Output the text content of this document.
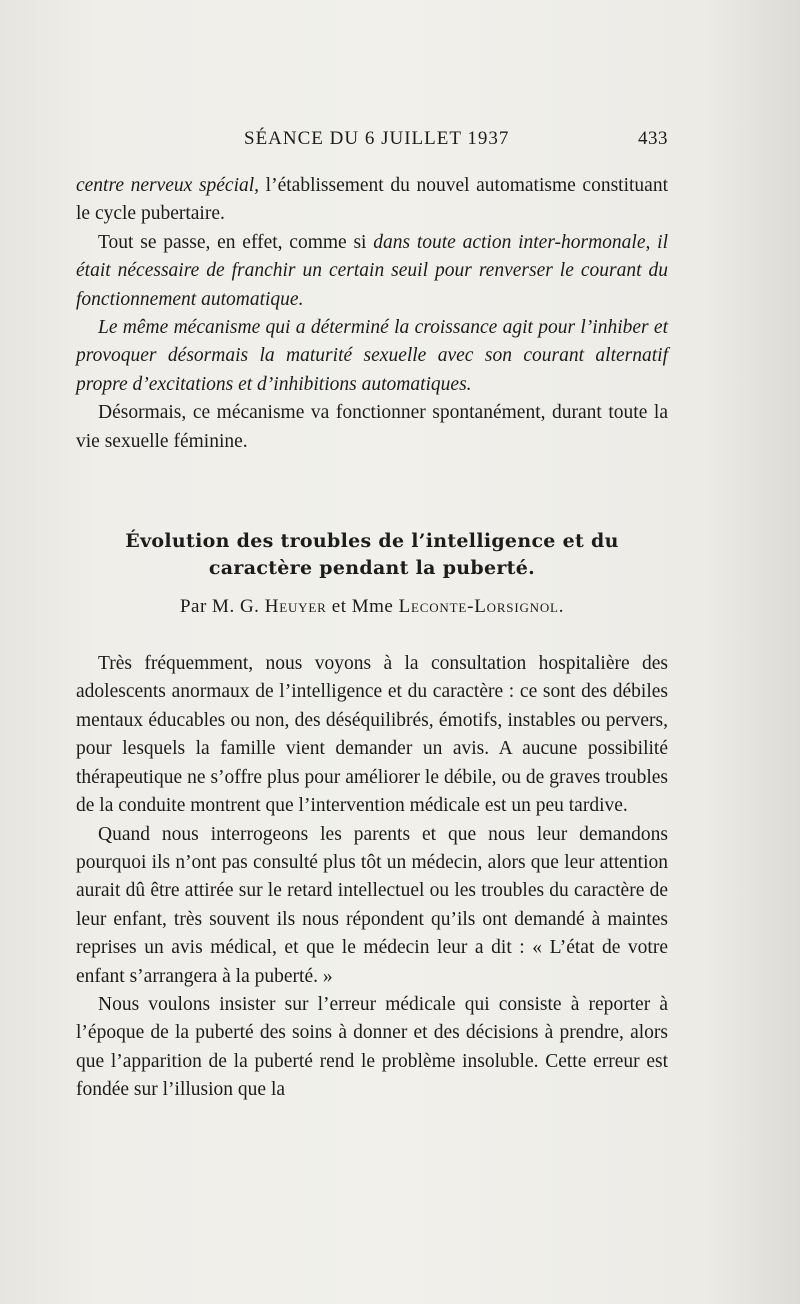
SÉANCE DU 6 JUILLET 1937	433

centre nerveux spécial, l’établissement du nouvel automatisme constituant le cycle pubertaire.

Tout se passe, en effet, comme si dans toute action inter-hormonale, il était nécessaire de franchir un certain seuil pour renverser le courant du fonctionnement automatique.

Le même mécanisme qui a déterminé la croissance agit pour l’inhiber et provoquer désormais la maturité sexuelle avec son courant alternatif propre d’excitations et d’inhibitions automatiques.

Désormais, ce mécanisme va fonctionner spontanément, durant toute la vie sexuelle féminine.

Évolution des troubles de l’intelligence et du caractère pendant la puberté.

Par M. G. Heuyer et Mme Leconte-Lorsignol.

Très fréquemment, nous voyons à la consultation hospitalière des adolescents anormaux de l’intelligence et du caractère : ce sont des débiles mentaux éducables ou non, des déséquilibrés, émotifs, instables ou pervers, pour lesquels la famille vient demander un avis. A aucune possibilité thérapeutique ne s’offre plus pour améliorer le débile, ou de graves troubles de la conduite montrent que l’intervention médicale est un peu tardive.

Quand nous interrogeons les parents et que nous leur demandons pourquoi ils n’ont pas consulté plus tôt un médecin, alors que leur attention aurait dû être attirée sur le retard intellectuel ou les troubles du caractère de leur enfant, très souvent ils nous répondent qu’ils ont demandé à maintes reprises un avis médical, et que le médecin leur a dit : « L’état de votre enfant s’arrangera à la puberté. »

Nous voulons insister sur l’erreur médicale qui consiste à reporter à l’époque de la puberté des soins à donner et des décisions à prendre, alors que l’apparition de la puberté rend le problème insoluble. Cette erreur est fondée sur l’illusion que la
